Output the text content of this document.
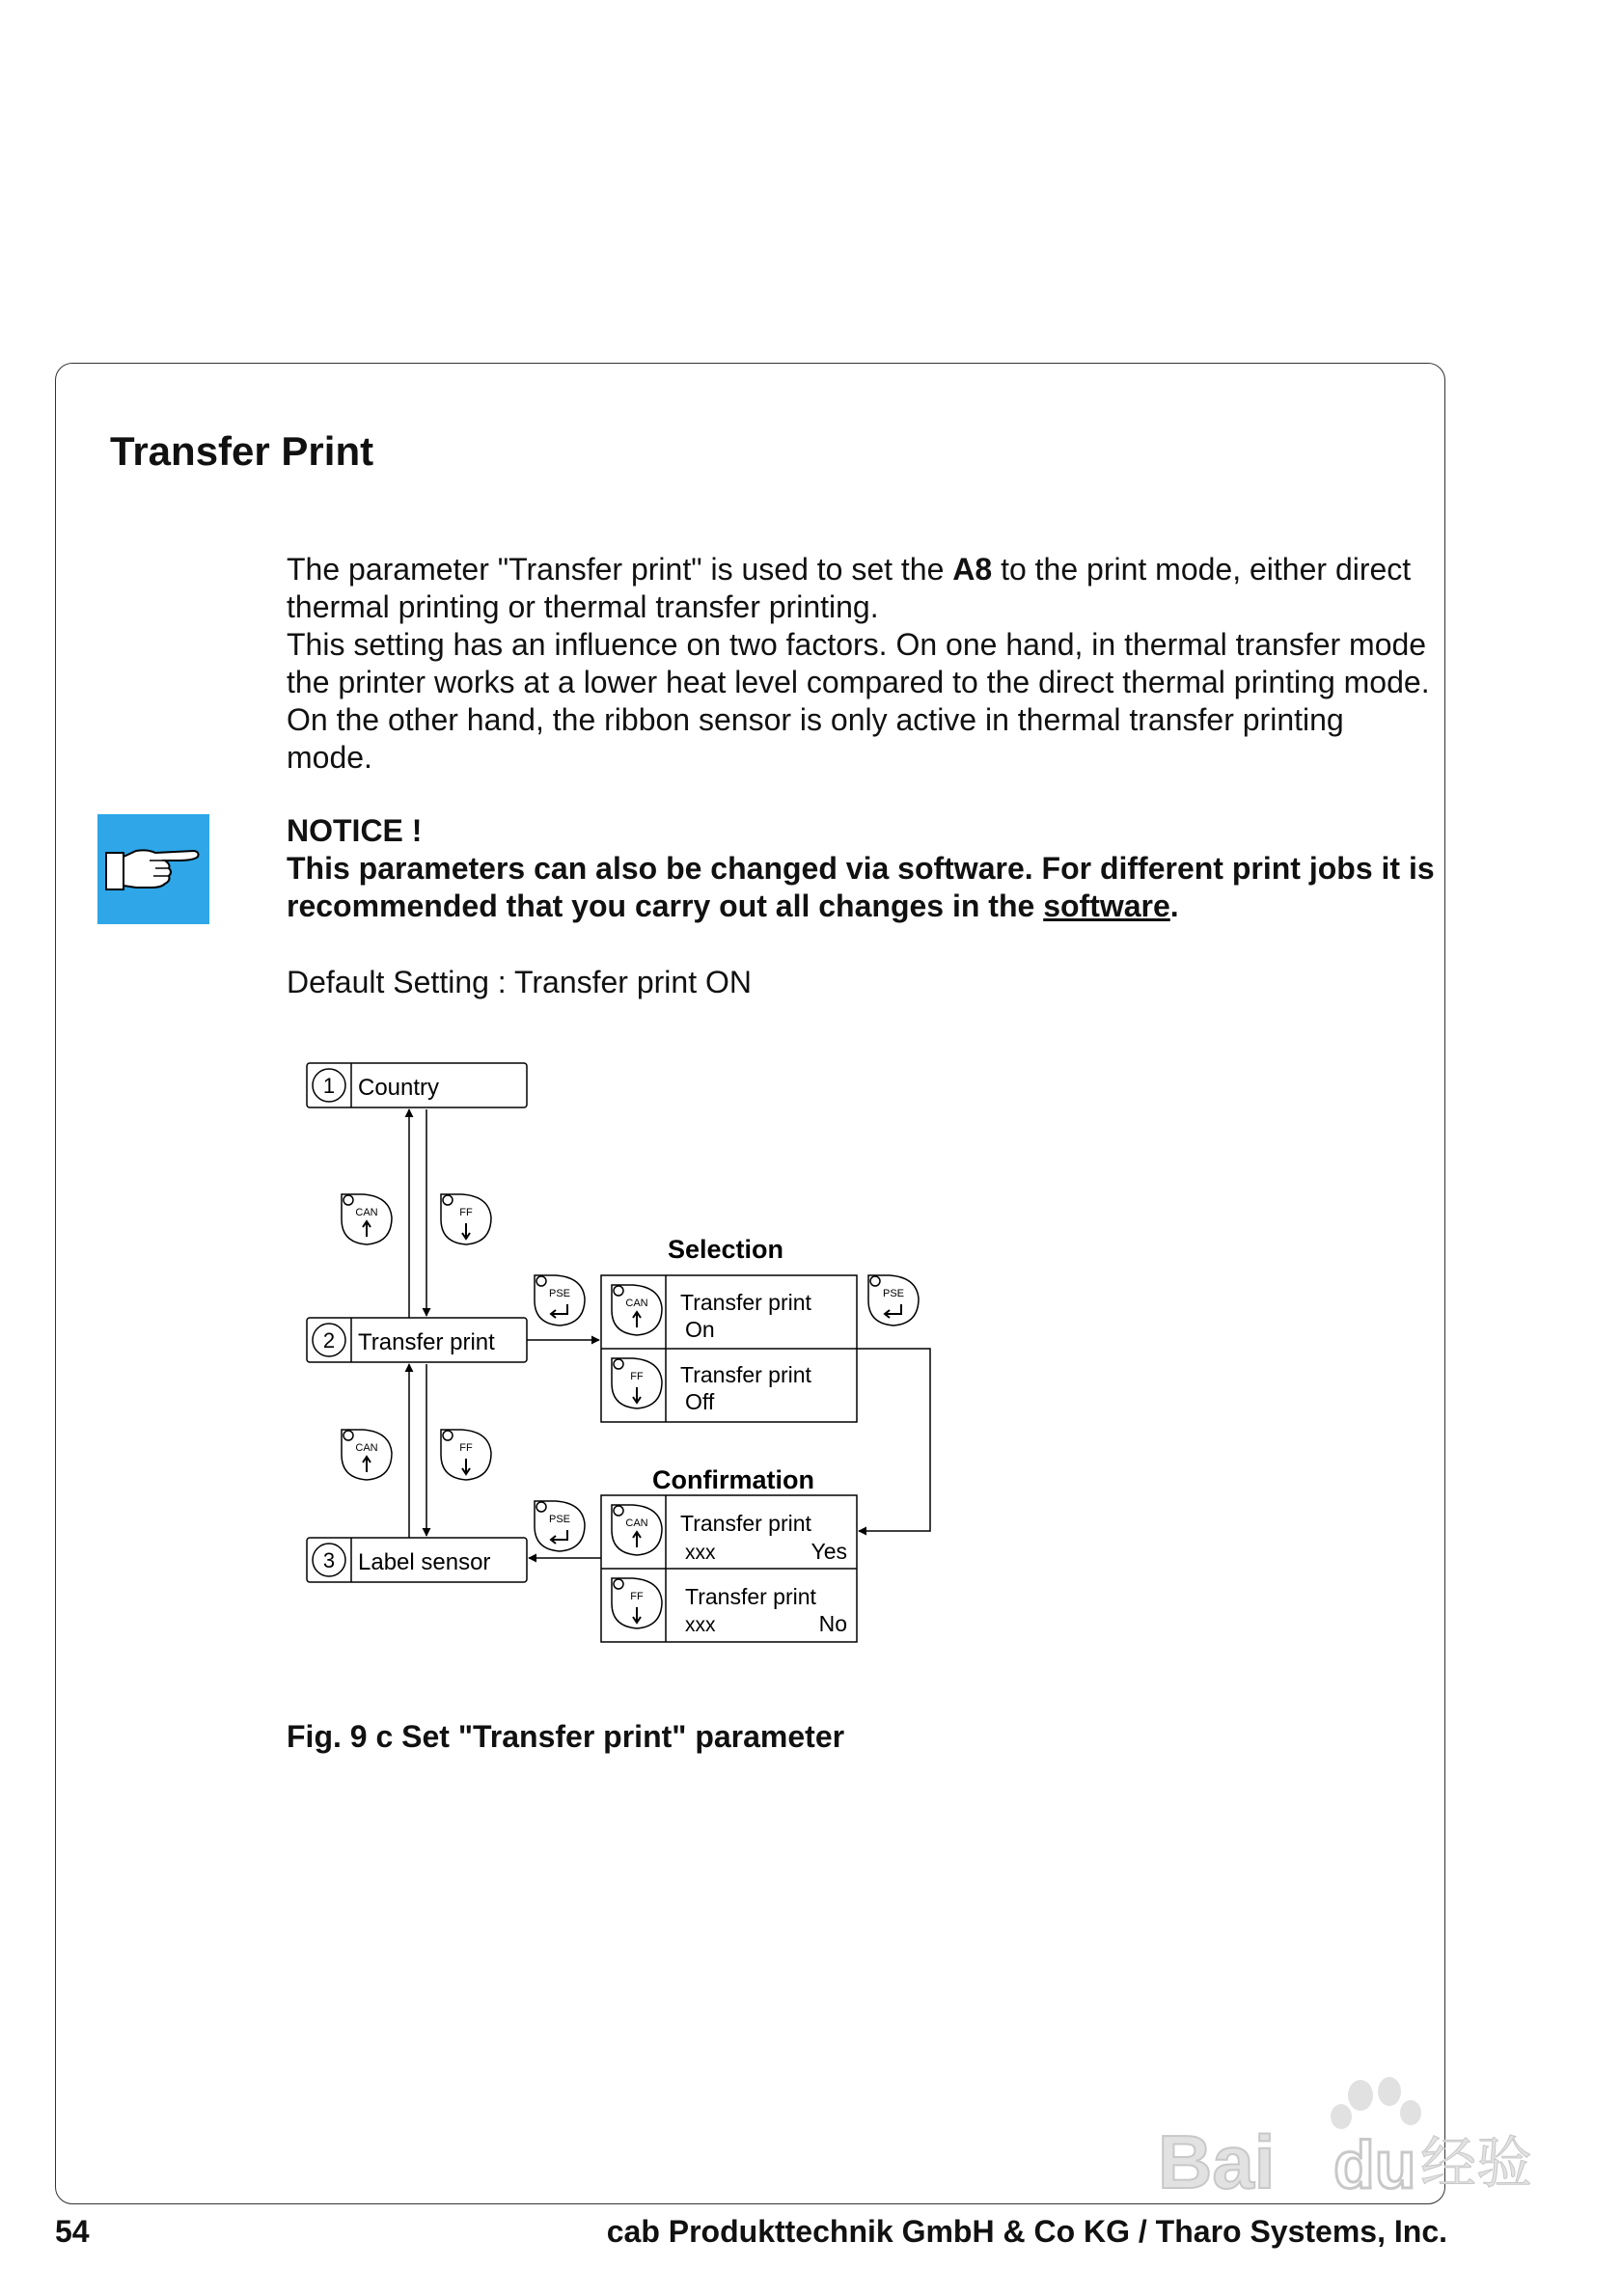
Transfer Print

The parameter "Transfer print" is used to set the A8 to the print mode, either direct thermal printing or thermal transfer printing.

This setting has an influence on two factors. On one hand, in thermal transfer mode the printer works at a lower heat level compared to the direct thermal printing mode. On the other hand, the ribbon sensor is only active in thermal transfer printing mode.

NOTICE !

This parameters can also be changed via software. For different print jobs it is recommended that you carry out all changes in the software.

Default Setting : Transfer print ON
1 Country
2 Transfer print
3 Label sensor
CAN	FF
CAN	FF
Selection
CAN
FF
Transfer print
On
Transfer print
Off
PSE	PSE
Confirmation
CAN
FF
Transfer print
xxx	Yes
Transfer print
xxx	No
PSE
Fig. 9 c Set "Transfer print" parameter
54	cab Produkttechnik GmbH & Co KG / Tharo Systems, Inc.
Bai du 经验
